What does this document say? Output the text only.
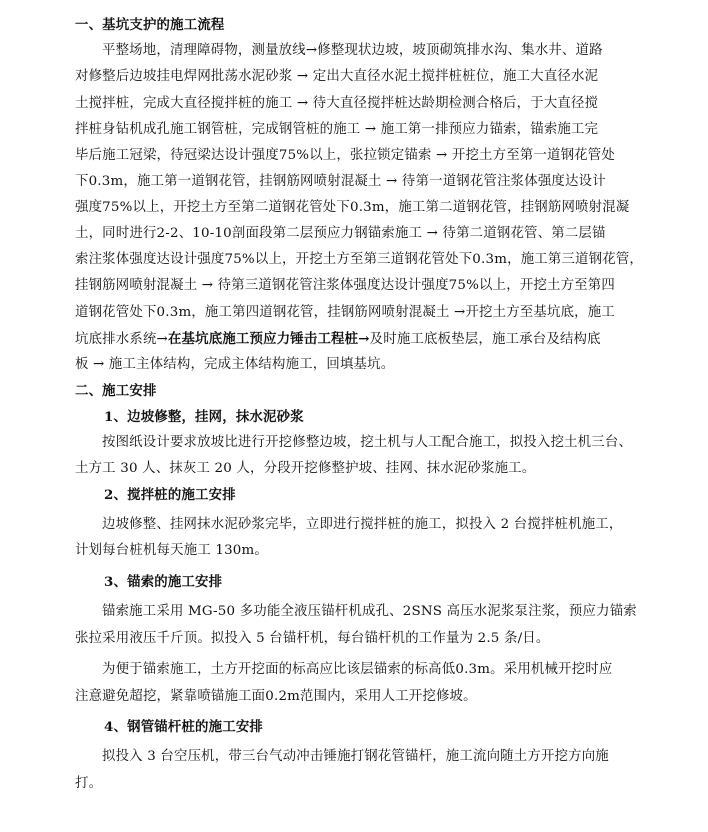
一、基坑支护的施工流程
平整场地，清理障碍物，测量放线→修整现状边坡，坡顶砌筑排水沟、集水井、道路
对修整后边坡挂电焊网批荡水泥砂浆 → 定出大直径水泥土搅拌桩桩位，施工大直径水泥
土搅拌桩，完成大直径搅拌桩的施工 → 待大直径搅拌桩达龄期检测合格后，于大直径搅
拌桩身钻机成孔施工钢管桩，完成钢管桩的施工 → 施工第一排预应力锚索，锚索施工完
毕后施工冠梁，待冠梁达设计强度75%以上，张拉锁定锚索 → 开挖土方至第一道钢花管处
下0.3m，施工第一道钢花管，挂钢筋网喷射混凝土 → 待第一道钢花管注浆体强度达设计
强度75%以上，开挖土方至第二道钢花管处下0.3m，施工第二道钢花管，挂钢筋网喷射混凝
土，同时进行2-2、10-10剖面段第二层预应力钢锚索施工 → 待第二道钢花管、第二层锚
索注浆体强度达设计强度75%以上，开挖土方至第三道钢花管处下0.3m，施工第三道钢花管，
挂钢筋网喷射混凝土 → 待第三道钢花管注浆体强度达设计强度75%以上，开挖土方至第四
道钢花管处下0.3m，施工第四道钢花管，挂钢筋网喷射混凝土 →开挖土方至基坑底，施工
坑底排水系统→在基坑底施工预应力锤击工程桩→及时施工底板垫层，施工承台及结构底
板 → 施工主体结构，完成主体结构施工，回填基坑。
二、施工安排
1、边坡修整，挂网，抹水泥砂浆
按图纸设计要求放坡比进行开挖修整边坡，挖土机与人工配合施工，拟投入挖土机三台、
土方工 30 人、抹灰工 20 人，分段开挖修整护坡、挂网、抹水泥砂浆施工。
2、搅拌桩的施工安排
边坡修整、挂网抹水泥砂浆完毕，立即进行搅拌桩的施工，拟投入 2 台搅拌桩机施工，
计划每台桩机每天施工 130m。
3、锚索的施工安排
锚索施工采用 MG-50 多功能全液压锚杆机成孔、2SNS 高压水泥浆泵注浆，预应力锚索
张拉采用液压千斤顶。拟投入 5 台锚杆机，每台锚杆机的工作量为 2.5 条/日。
为便于锚索施工，土方开挖面的标高应比该层锚索的标高低0.3m。采用机械开挖时应
注意避免超挖，紧靠喷锚施工面0.2m范围内，采用人工开挖修坡。
4、钢管锚杆桩的施工安排
拟投入 3 台空压机，带三台气动冲击锤施打钢花管锚杆，施工流向随土方开挖方向施
打。
